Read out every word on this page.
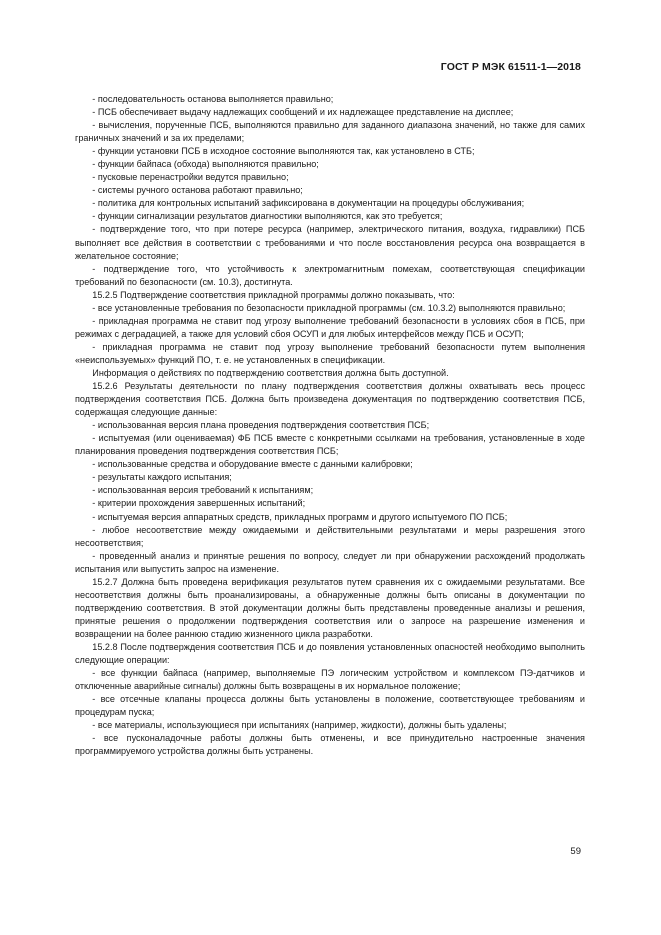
ГОСТ Р МЭК 61511-1—2018

- последовательность останова выполняется правильно;

- ПСБ обеспечивает выдачу надлежащих сообщений и их надлежащее представление на дисплее;

- вычисления, порученные ПСБ, выполняются правильно для заданного диапазона значений, но также для самих граничных значений и за их пределами;

- функции установки ПСБ в исходное состояние выполняются так, как установлено в СТБ;

- функции байпаса (обхода) выполняются правильно;

- пусковые перенастройки ведутся правильно;

- системы ручного останова работают правильно;

- политика для контрольных испытаний зафиксирована в документации на процедуры обслуживания;

- функции сигнализации результатов диагностики выполняются, как это требуется;

- подтверждение того, что при потере ресурса (например, электрического питания, воздуха, гидравлики) ПСБ выполняет все действия в соответствии с требованиями и что после восстановления ресурса она возвращается в желательное состояние;

- подтверждение того, что устойчивость к электромагнитным помехам, соответствующая спецификации требований по безопасности (см. 10.3), достигнута.

15.2.5 Подтверждение соответствия прикладной программы должно показывать, что:

- все установленные требования по безопасности прикладной программы (см. 10.3.2) выполняются правильно;

- прикладная программа не ставит под угрозу выполнение требований безопасности в условиях сбоя в ПСБ, при режимах с деградацией, а также для условий сбоя ОСУП и для любых интерфейсов между ПСБ и ОСУП;

- прикладная программа не ставит под угрозу выполнение требований безопасности путем выполнения «неиспользуемых» функций ПО, т. е. не установленных в спецификации.

Информация о действиях по подтверждению соответствия должна быть доступной.

15.2.6 Результаты деятельности по плану подтверждения соответствия должны охватывать весь процесс подтверждения соответствия ПСБ. Должна быть произведена документация по подтверждению соответствия ПСБ, содержащая следующие данные:

- использованная версия плана проведения подтверждения соответствия ПСБ;

- испытуемая (или оцениваемая) ФБ ПСБ вместе с конкретными ссылками на требования, установленные в ходе планирования проведения подтверждения соответствия ПСБ;

- использованные средства и оборудование вместе с данными калибровки;

- результаты каждого испытания;

- использованная версия требований к испытаниям;

- критерии прохождения завершенных испытаний;

- испытуемая версия аппаратных средств, прикладных программ и другого испытуемого ПО ПСБ;

- любое несоответствие между ожидаемыми и действительными результатами и меры разрешения этого несоответствия;

- проведенный анализ и принятые решения по вопросу, следует ли при обнаружении расхождений продолжать испытания или выпустить запрос на изменение.

15.2.7 Должна быть проведена верификация результатов путем сравнения их с ожидаемыми результатами. Все несоответствия должны быть проанализированы, а обнаруженные должны быть описаны в документации по подтверждению соответствия. В этой документации должны быть представлены проведенные анализы и решения, принятые решения о продолжении подтверждения соответствия или о запросе на разрешение изменения и возвращении на более раннюю стадию жизненного цикла разработки.

15.2.8 После подтверждения соответствия ПСБ и до появления установленных опасностей необходимо выполнить следующие операции:

- все функции байпаса (например, выполняемые ПЭ логическим устройством и комплексом ПЭ-датчиков и отключенные аварийные сигналы) должны быть возвращены в их нормальное положение;

- все отсечные клапаны процесса должны быть установлены в положение, соответствующее требованиям и процедурам пуска;

- все материалы, использующиеся при испытаниях (например, жидкости), должны быть удалены;

- все пусконаладочные работы должны быть отменены, и все принудительно настроенные значения программируемого устройства должны быть устранены.

59
